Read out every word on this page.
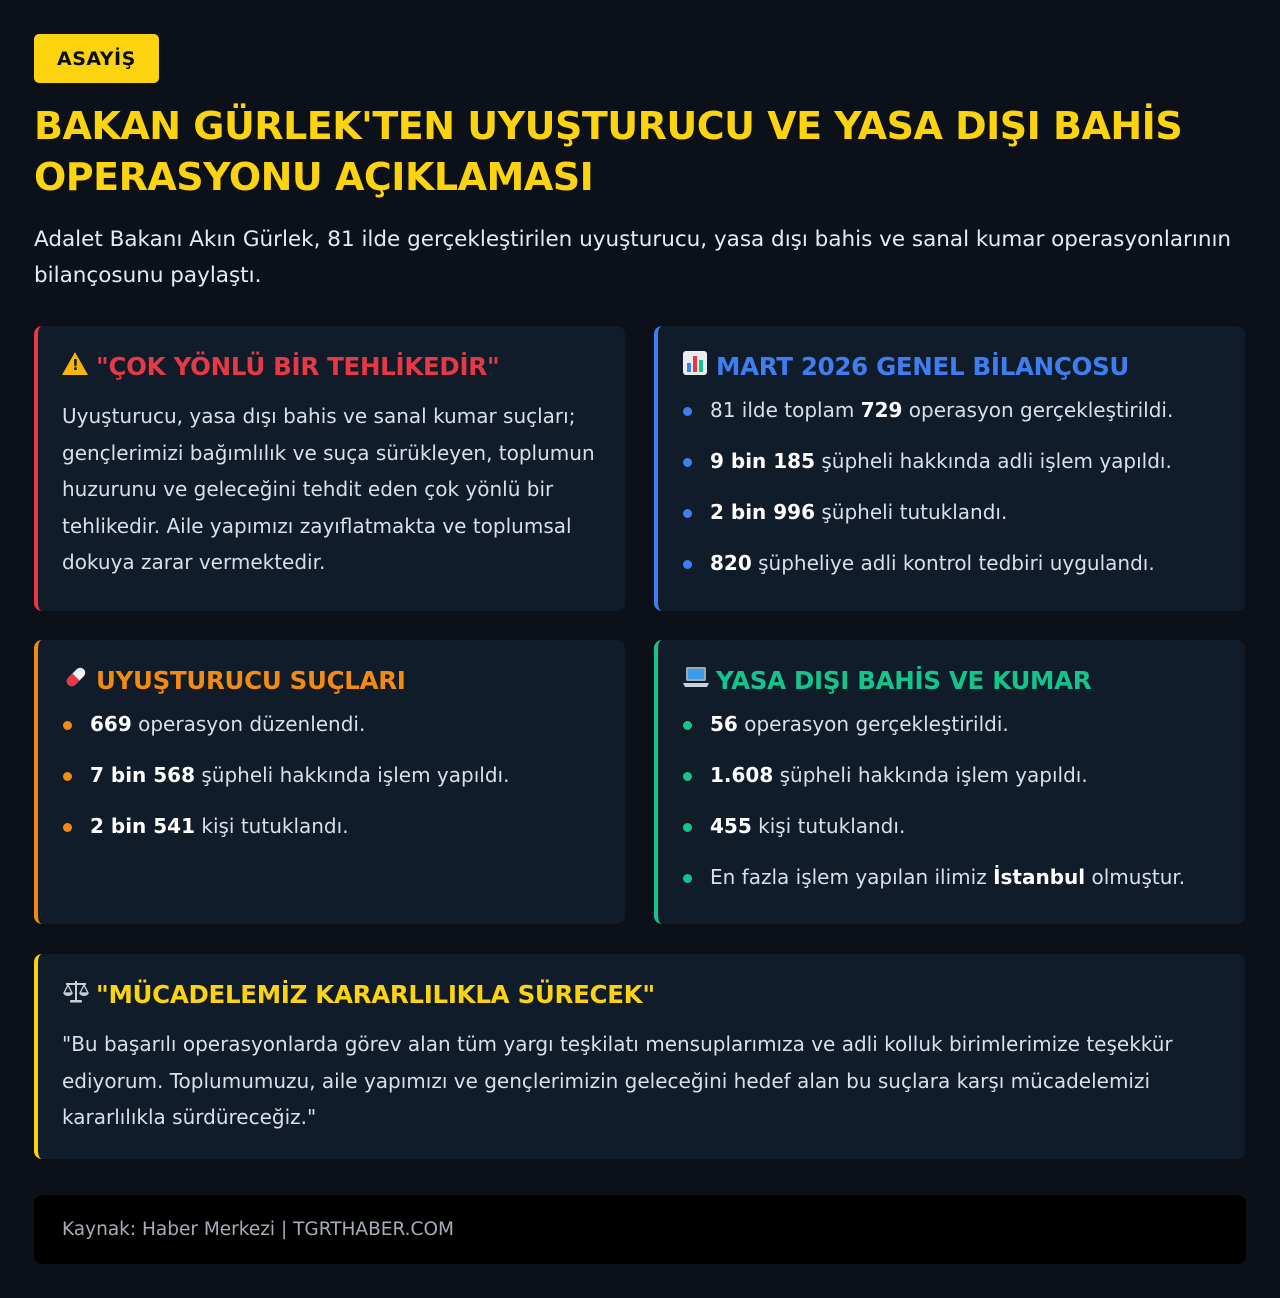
ASAYİŞ
BAKAN GÜRLEK'TEN UYUŞTURUCU VE YASA DIŞI BAHİS OPERASYONU AÇIKLAMASI

Adalet Bakanı Akın Gürlek, 81 ilde gerçekleştirilen uyuşturucu, yasa dışı bahis ve sanal kumar operasyonlarının bilançosunu paylaştı.

!
"ÇOK YÖNLÜ BİR TEHLİKEDİR"

Uyuşturucu, yasa dışı bahis ve sanal kumar suçları; gençlerimizi bağımlılık ve suça sürükleyen, toplumun huzurunu ve geleceğini tehdit eden çok yönlü bir tehlikedir. Aile yapımızı zayıflatmakta ve toplumsal dokuya zarar vermektedir.

MART 2026 GENEL BİLANÇOSU
81 ilde toplam 729 operasyon gerçekleştirildi.
9 bin 185 şüpheli hakkında adli işlem yapıldı.
2 bin 996 şüpheli tutuklandı.
820 şüpheliye adli kontrol tedbiri uygulandı.
UYUŞTURUCU SUÇLARI
669 operasyon düzenlendi.
7 bin 568 şüpheli hakkında işlem yapıldı.
2 bin 541 kişi tutuklandı.
YASA DIŞI BAHİS VE KUMAR
56 operasyon gerçekleştirildi.
1.608 şüpheli hakkında işlem yapıldı.
455 kişi tutuklandı.
En fazla işlem yapılan ilimiz İstanbul olmuştur.
"MÜCADELEMİZ KARARLILIKLA SÜRECEK"

"Bu başarılı operasyonlarda görev alan tüm yargı teşkilatı mensuplarımıza ve adli kolluk birimlerimize teşekkür ediyorum. Toplumumuzu, aile yapımızı ve gençlerimizin geleceğini hedef alan bu suçlara karşı mücadelemizi kararlılıkla sürdüreceğiz."

Kaynak: Haber Merkezi | TGRTHABER.COM
